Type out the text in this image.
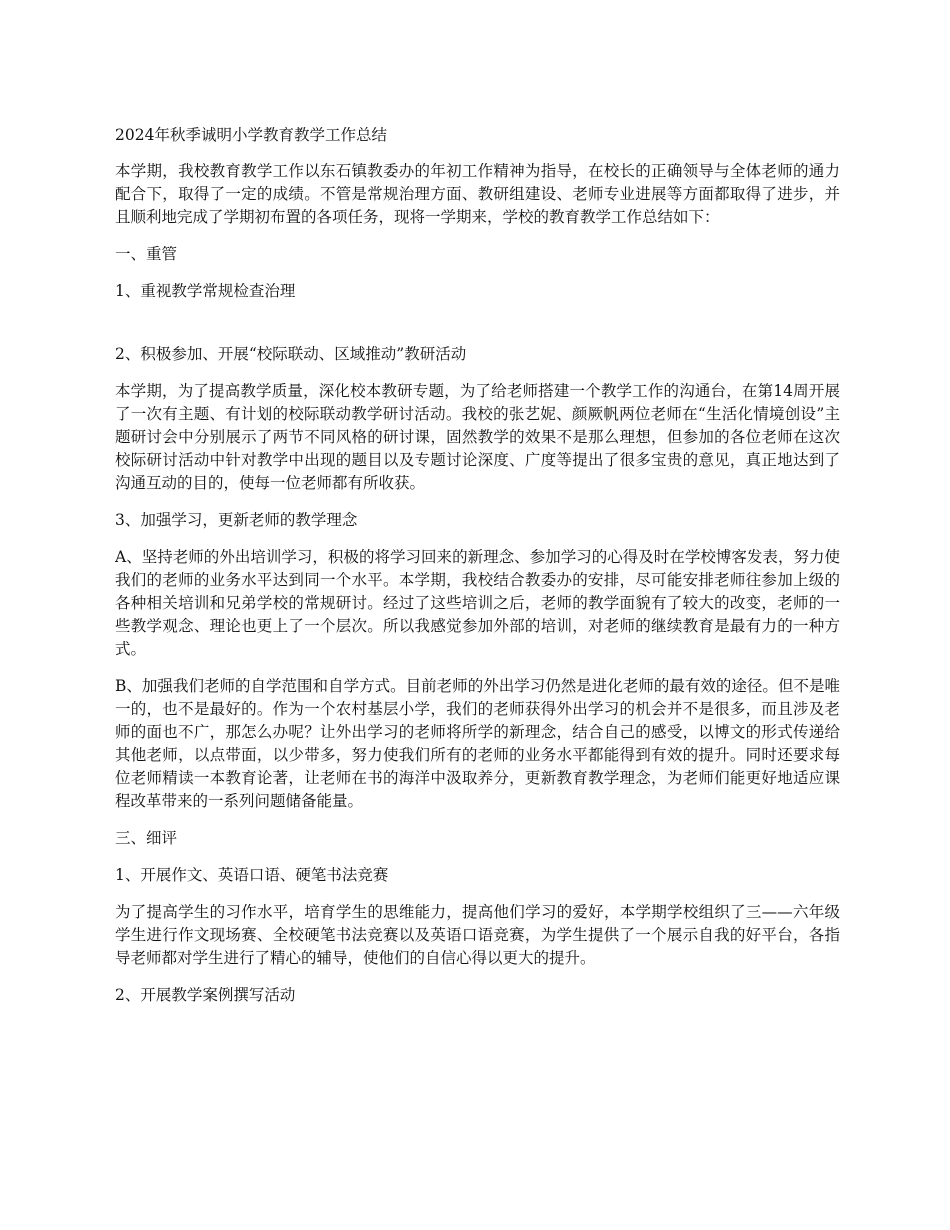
2024年秋季诚明小学教育教学工作总结

本学期，我校教育教学工作以东石镇教委办的年初工作精神为指导，在校长的正确领导与全体老师的通力配合下，取得了一定的成绩。不管是常规治理方面、教研组建设、老师专业进展等方面都取得了进步，并且顺利地完成了学期初布置的各项任务，现将一学期来，学校的教育教学工作总结如下：

一、重管

1、重视教学常规检查治理

2、积极参加、开展“校际联动、区域推动”教研活动

本学期，为了提高教学质量，深化校本教研专题，为了给老师搭建一个教学工作的沟通台，在第14周开展了一次有主题、有计划的校际联动教学研讨活动。我校的张艺妮、颜厥帆两位老师在“生活化情境创设”主题研讨会中分别展示了两节不同风格的研讨课，固然教学的效果不是那么理想，但参加的各位老师在这次校际研讨活动中针对教学中出现的题目以及专题讨论深度、广度等提出了很多宝贵的意见，真正地达到了沟通互动的目的，使每一位老师都有所收获。

3、加强学习，更新老师的教学理念

A、坚持老师的外出培训学习，积极的将学习回来的新理念、参加学习的心得及时在学校博客发表，努力使我们的老师的业务水平达到同一个水平。本学期，我校结合教委办的安排，尽可能安排老师往参加上级的各种相关培训和兄弟学校的常规研讨。经过了这些培训之后，老师的教学面貌有了较大的改变，老师的一些教学观念、理论也更上了一个层次。所以我感觉参加外部的培训，对老师的继续教育是最有力的一种方式。

B、加强我们老师的自学范围和自学方式。目前老师的外出学习仍然是进化老师的最有效的途径。但不是唯一的，也不是最好的。作为一个农村基层小学，我们的老师获得外出学习的机会并不是很多，而且涉及老师的面也不广，那怎么办呢？让外出学习的老师将所学的新理念，结合自己的感受，以博文的形式传递给其他老师，以点带面，以少带多，努力使我们所有的老师的业务水平都能得到有效的提升。同时还要求每位老师精读一本教育论著，让老师在书的海洋中汲取养分，更新教育教学理念，为老师们能更好地适应课程改革带来的一系列问题储备能量。

三、细评

1、开展作文、英语口语、硬笔书法竞赛

为了提高学生的习作水平，培育学生的思维能力，提高他们学习的爱好，本学期学校组织了三——六年级学生进行作文现场赛、全校硬笔书法竞赛以及英语口语竞赛，为学生提供了一个展示自我的好平台，各指导老师都对学生进行了精心的辅导，使他们的自信心得以更大的提升。

2、开展教学案例撰写活动
